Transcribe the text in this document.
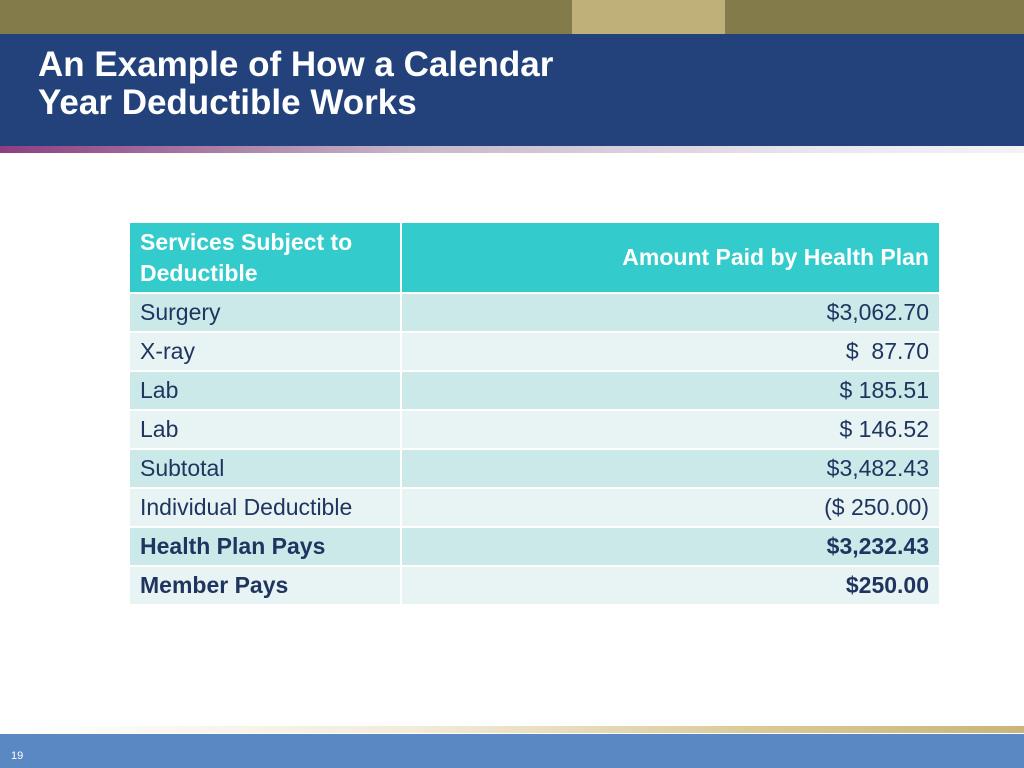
An Example of How a Calendar
Year Deductible Works
Services Subject to Deductible	Amount Paid by Health Plan
Surgery	$3,062.70
X-ray	$  87.70
Lab	$ 185.51
Lab	$ 146.52
Subtotal	$3,482.43
Individual Deductible	($ 250.00)
Health Plan Pays	$3,232.43
Member Pays	$250.00
19
